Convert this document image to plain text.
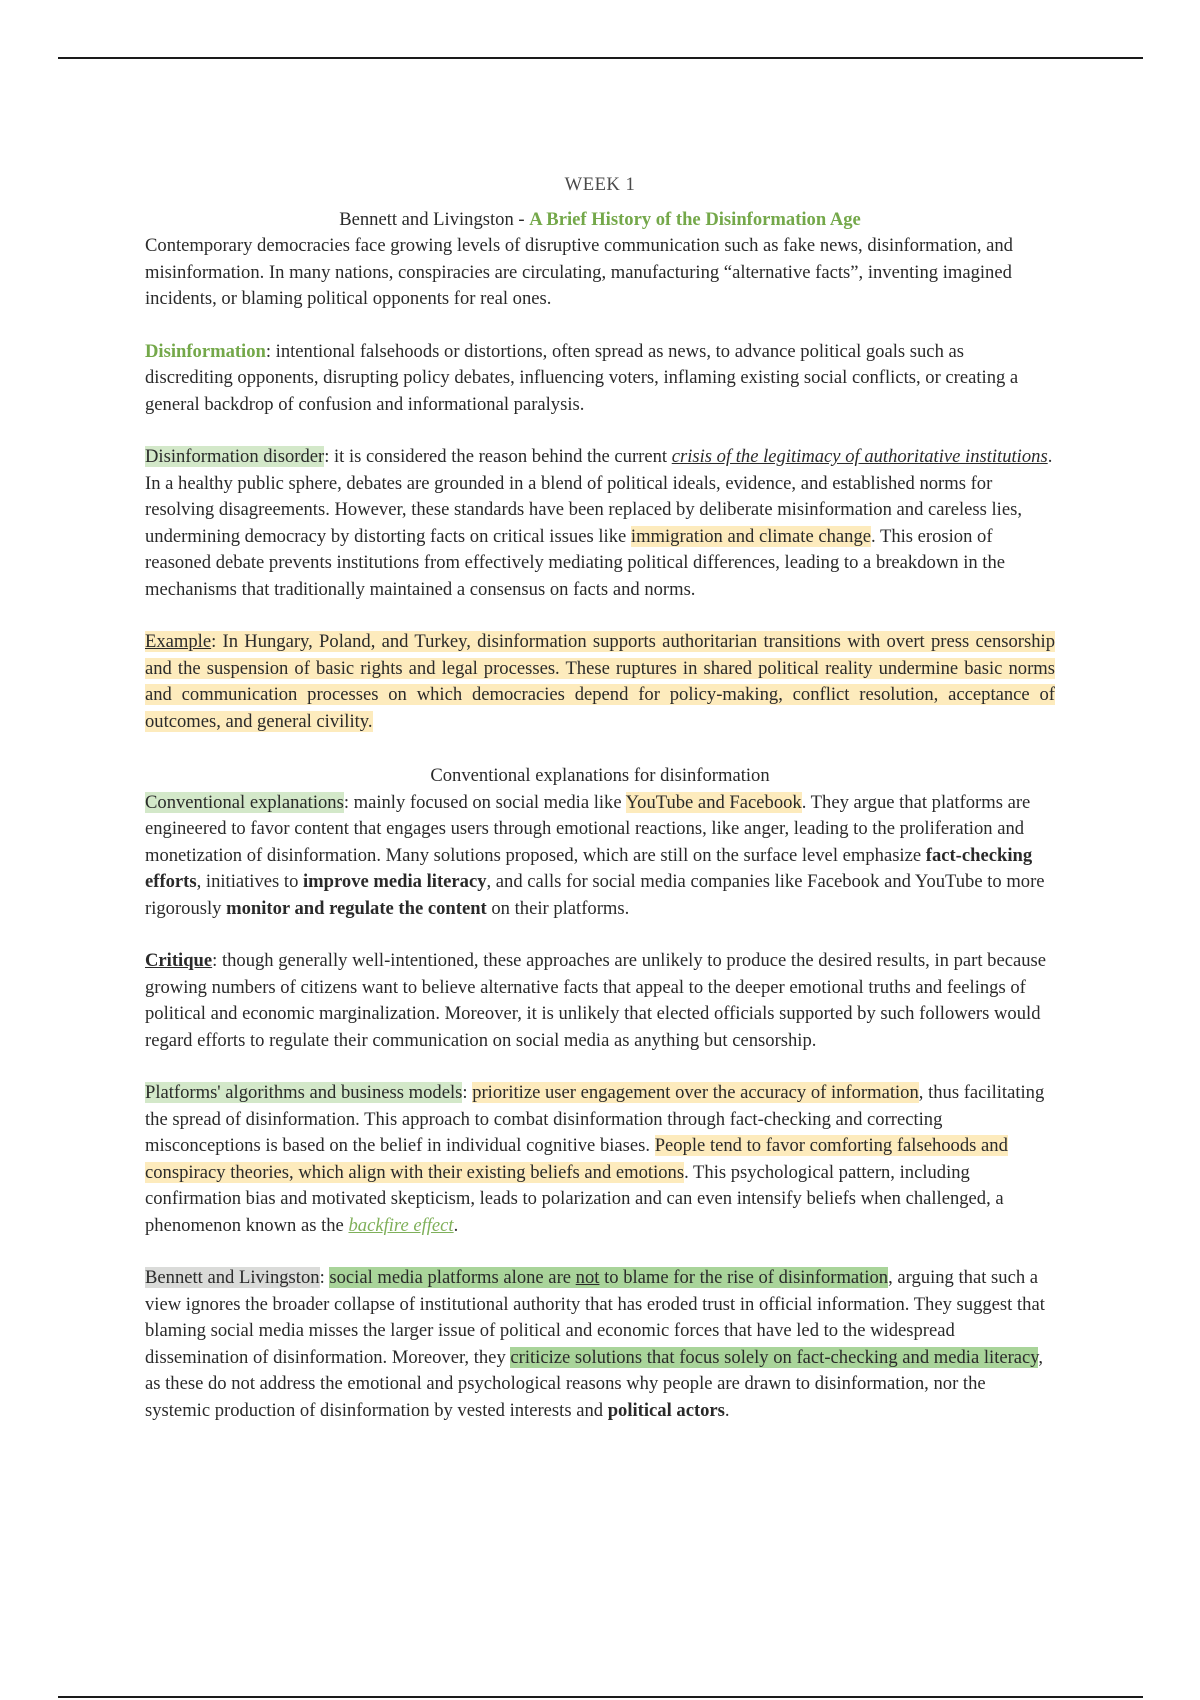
WEEK 1
Bennett and Livingston - A Brief History of the Disinformation Age

Contemporary democracies face growing levels of disruptive communication such as fake news, disinformation, and misinformation. In many nations, conspiracies are circulating, manufacturing “alternative facts”, inventing imagined incidents, or blaming political opponents for real ones.

Disinformation: intentional falsehoods or distortions, often spread as news, to advance political goals such as discrediting opponents, disrupting policy debates, influencing voters, inflaming existing social conflicts, or creating a general backdrop of confusion and informational paralysis.

Disinformation disorder: it is considered the reason behind the current crisis of the legitimacy of authoritative institutions. In a healthy public sphere, debates are grounded in a blend of political ideals, evidence, and established norms for resolving disagreements. However, these standards have been replaced by deliberate misinformation and careless lies, undermining democracy by distorting facts on critical issues like immigration and climate change. This erosion of reasoned debate prevents institutions from effectively mediating political differences, leading to a breakdown in the mechanisms that traditionally maintained a consensus on facts and norms.

Example: In Hungary, Poland, and Turkey, disinformation supports authoritarian transitions with overt press censorship and the suspension of basic rights and legal processes. These ruptures in shared political reality undermine basic norms and communication processes on which democracies depend for policy-making, conflict resolution, acceptance of outcomes, and general civility.

Conventional explanations for disinformation

Conventional explanations: mainly focused on social media like YouTube and Facebook. They argue that platforms are engineered to favor content that engages users through emotional reactions, like anger, leading to the proliferation and monetization of disinformation. Many solutions proposed, which are still on the surface level emphasize fact-checking efforts, initiatives to improve media literacy, and calls for social media companies like Facebook and YouTube to more rigorously monitor and regulate the content on their platforms.

Critique: though generally well-intentioned, these approaches are unlikely to produce the desired results, in part because growing numbers of citizens want to believe alternative facts that appeal to the deeper emotional truths and feelings of political and economic marginalization. Moreover, it is unlikely that elected officials supported by such followers would regard efforts to regulate their communication on social media as anything but censorship.

Platforms' algorithms and business models: prioritize user engagement over the accuracy of information, thus facilitating the spread of disinformation. This approach to combat disinformation through fact-checking and correcting misconceptions is based on the belief in individual cognitive biases. People tend to favor comforting falsehoods and conspiracy theories, which align with their existing beliefs and emotions. This psychological pattern, including confirmation bias and motivated skepticism, leads to polarization and can even intensify beliefs when challenged, a phenomenon known as the backfire effect.

Bennett and Livingston: social media platforms alone are not to blame for the rise of disinformation, arguing that such a view ignores the broader collapse of institutional authority that has eroded trust in official information. They suggest that blaming social media misses the larger issue of political and economic forces that have led to the widespread dissemination of disinformation. Moreover, they criticize solutions that focus solely on fact-checking and media literacy, as these do not address the emotional and psychological reasons why people are drawn to disinformation, nor the systemic production of disinformation by vested interests and political actors.
